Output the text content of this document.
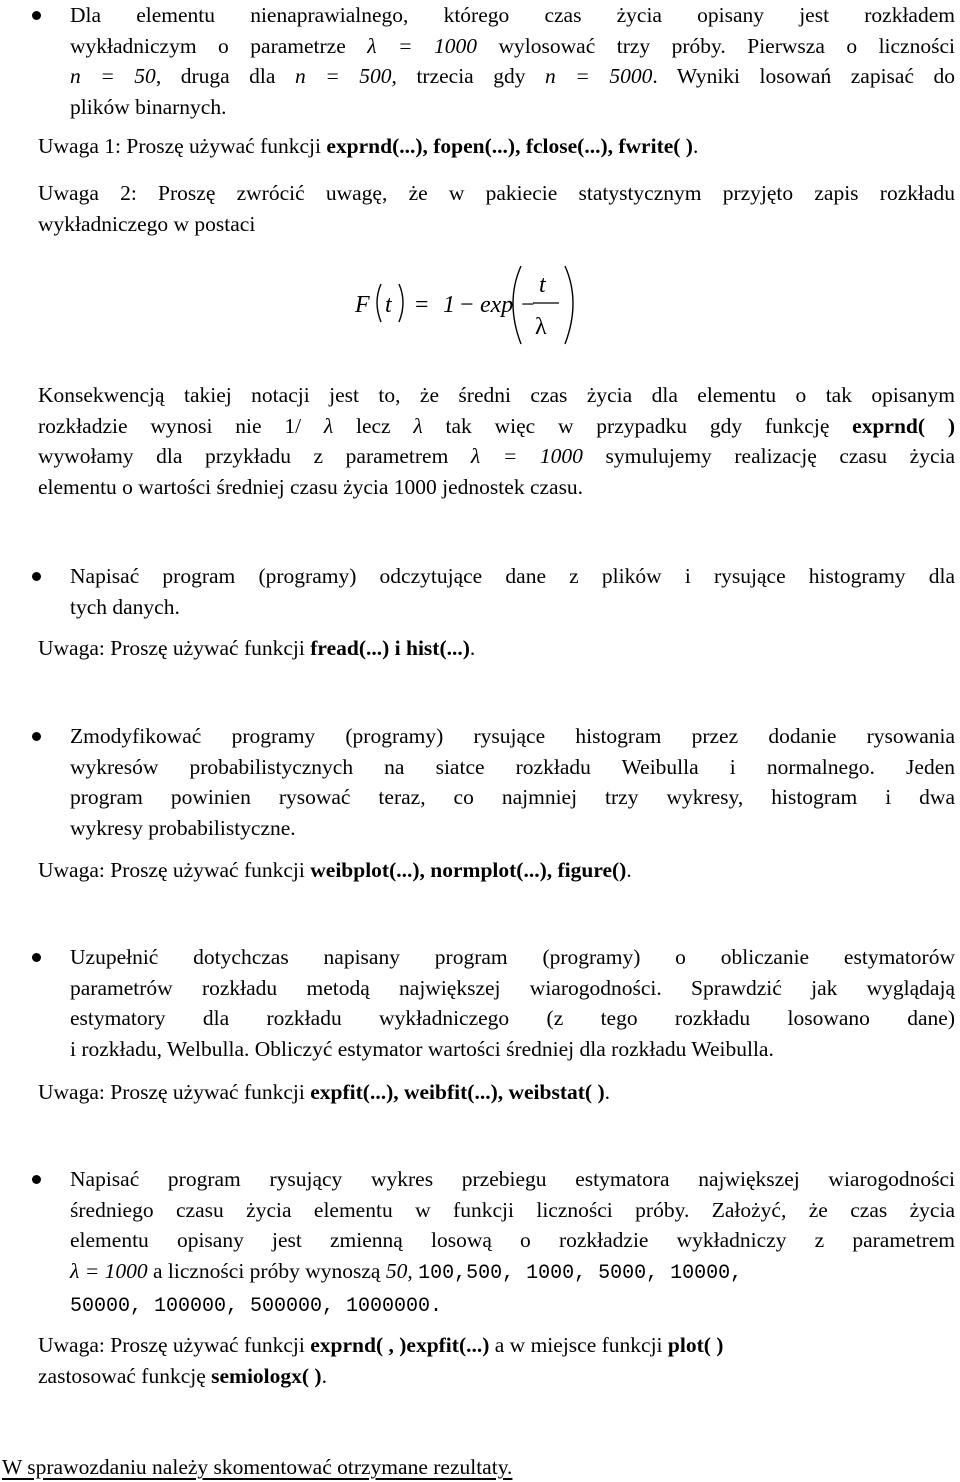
Dla elementu nienaprawialnego, którego czas życia opisany jest rozkładem
wykładniczym o parametrze λ = 1000 wylosować trzy próby. Pierwsza o liczności
n = 50, druga dla n = 500, trzecia gdy n = 5000. Wyniki losowań zapisać do
plików binarnych.
Uwaga 1: Proszę używać funkcji exprnd(...), fopen(...), fclose(...), fwrite( ).
Uwaga 2: Proszę zwrócić uwagę, że w pakiecie statystycznym przyjęto zapis rozkładu
wykładniczego w postaci
F t = 1 − exp −
t
λ
Konsekwencją takiej notacji jest to, że średni czas życia dla elementu o tak opisanym
rozkładzie wynosi nie 1/ λ lecz λ tak więc w przypadku gdy funkcję exprnd( )
wywołamy dla przykładu z parametrem λ = 1000 symulujemy realizację czasu życia
elementu o wartości średniej czasu życia 1000 jednostek czasu.
Napisać program (programy) odczytujące dane z plików i rysujące histogramy dla
tych danych.
Uwaga: Proszę używać funkcji fread(...) i hist(...).
Zmodyfikować programy (programy) rysujące histogram przez dodanie rysowania
wykresów probabilistycznych na siatce rozkładu Weibulla i normalnego. Jeden
program powinien rysować teraz, co najmniej trzy wykresy, histogram i dwa
wykresy probabilistyczne.
Uwaga: Proszę używać funkcji weibplot(...), normplot(...), figure().
Uzupełnić dotychczas napisany program (programy) o obliczanie estymatorów
parametrów rozkładu metodą największej wiarogodności. Sprawdzić jak wyglądają
estymatory dla rozkładu wykładniczego (z tego rozkładu losowano dane)
i rozkładu, Welbulla. Obliczyć estymator wartości średniej dla rozkładu Weibulla.
Uwaga: Proszę używać funkcji expfit(...), weibfit(...), weibstat( ).
Napisać program rysujący wykres przebiegu estymatora największej wiarogodności
średniego czasu życia elementu w funkcji liczności próby. Założyć, że czas życia
elementu opisany jest zmienną losową o rozkładzie wykładniczy z parametrem
λ = 1000 a liczności próby wynoszą 50, 100,500, 1000, 5000, 10000,
50000, 100000, 500000, 1000000.
Uwaga: Proszę używać funkcji exprnd( , )expfit(...) a w miejsce funkcji plot( )
zastosować funkcję semiologx( ).
W sprawozdaniu należy skomentować otrzymane rezultaty.
